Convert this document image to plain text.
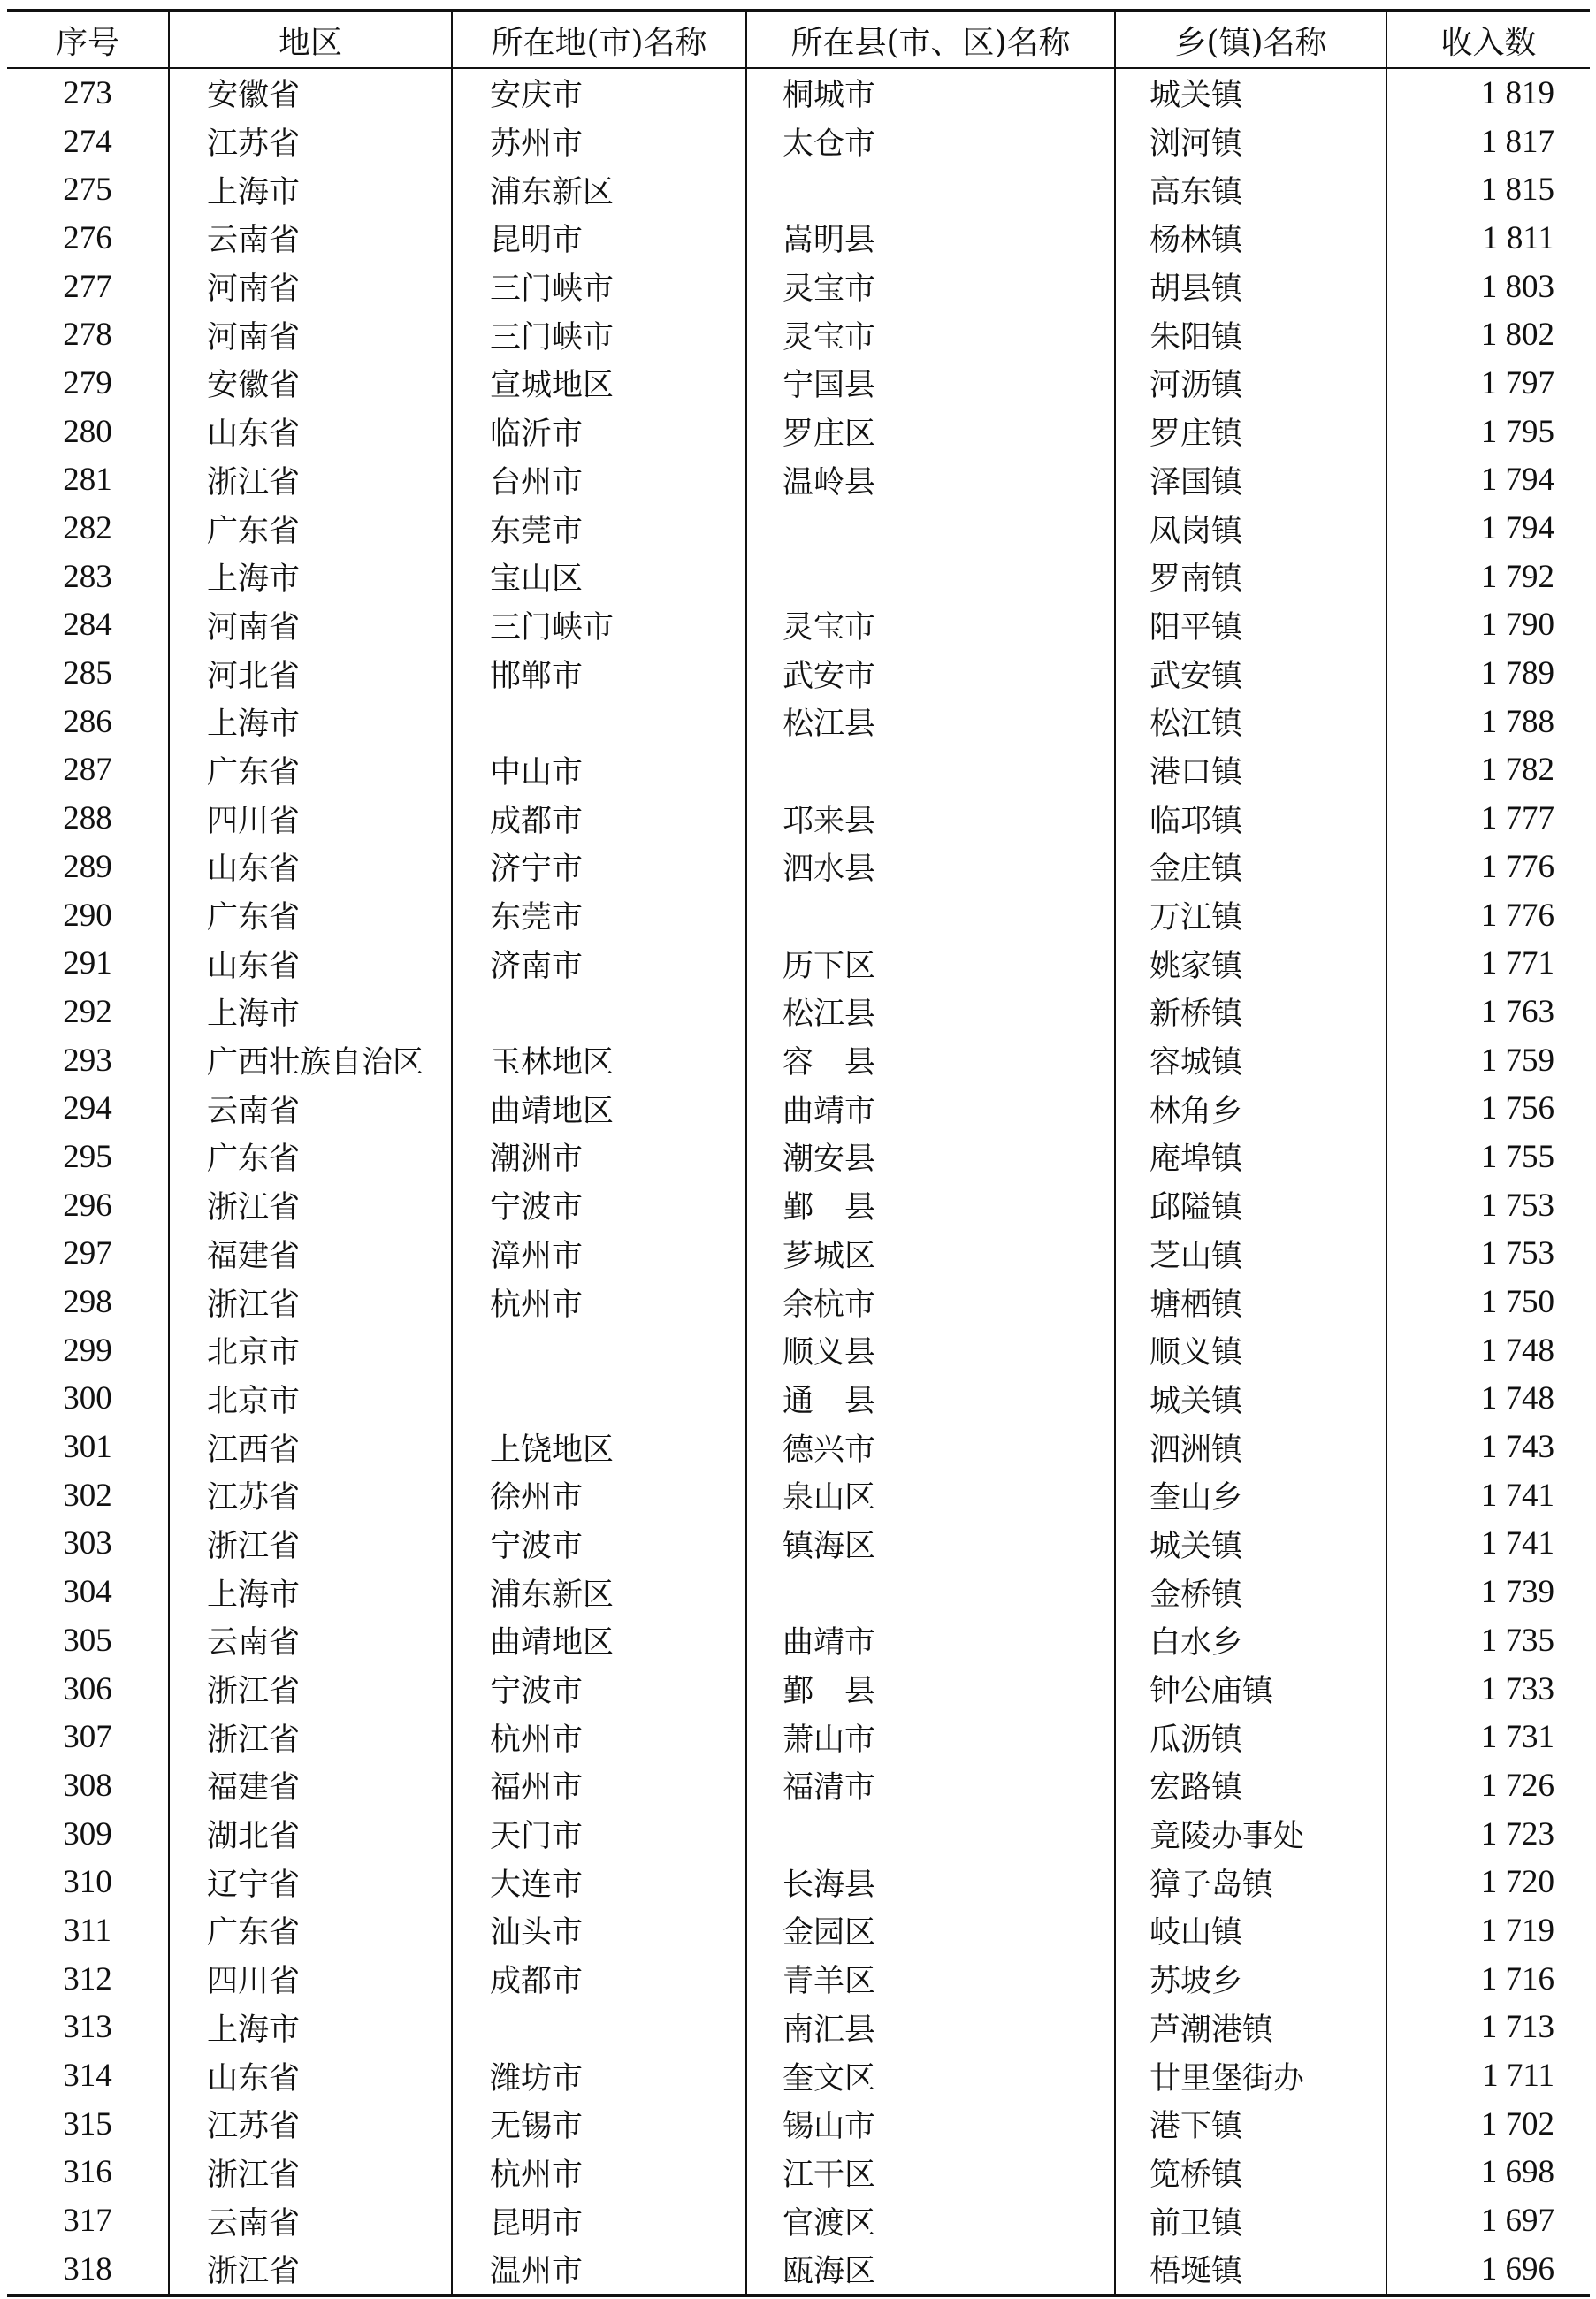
序号	地区	所在地(市)名称	所在县(市、区)名称	乡(镇)名称	收入数
273	安徽省	安庆市	桐城市	城关镇	1 819
274	江苏省	苏州市	太仓市	浏河镇	1 817
275	上海市	浦东新区		高东镇	1 815
276	云南省	昆明市	嵩明县	杨林镇	1 811
277	河南省	三门峡市	灵宝市	胡县镇	1 803
278	河南省	三门峡市	灵宝市	朱阳镇	1 802
279	安徽省	宣城地区	宁国县	河沥镇	1 797
280	山东省	临沂市	罗庄区	罗庄镇	1 795
281	浙江省	台州市	温岭县	泽国镇	1 794
282	广东省	东莞市		凤岗镇	1 794
283	上海市	宝山区		罗南镇	1 792
284	河南省	三门峡市	灵宝市	阳平镇	1 790
285	河北省	邯郸市	武安市	武安镇	1 789
286	上海市		松江县	松江镇	1 788
287	广东省	中山市		港口镇	1 782
288	四川省	成都市	邛来县	临邛镇	1 777
289	山东省	济宁市	泗水县	金庄镇	1 776
290	广东省	东莞市		万江镇	1 776
291	山东省	济南市	历下区	姚家镇	1 771
292	上海市		松江县	新桥镇	1 763
293	广西壮族自治区	玉林地区	容　县	容城镇	1 759
294	云南省	曲靖地区	曲靖市	林角乡	1 756
295	广东省	潮洲市	潮安县	庵埠镇	1 755
296	浙江省	宁波市	鄞　县	邱隘镇	1 753
297	福建省	漳州市	芗城区	芝山镇	1 753
298	浙江省	杭州市	余杭市	塘栖镇	1 750
299	北京市		顺义县	顺义镇	1 748
300	北京市		通　县	城关镇	1 748
301	江西省	上饶地区	德兴市	泗洲镇	1 743
302	江苏省	徐州市	泉山区	奎山乡	1 741
303	浙江省	宁波市	镇海区	城关镇	1 741
304	上海市	浦东新区		金桥镇	1 739
305	云南省	曲靖地区	曲靖市	白水乡	1 735
306	浙江省	宁波市	鄞　县	钟公庙镇	1 733
307	浙江省	杭州市	萧山市	瓜沥镇	1 731
308	福建省	福州市	福清市	宏路镇	1 726
309	湖北省	天门市		竟陵办事处	1 723
310	辽宁省	大连市	长海县	獐子岛镇	1 720
311	广东省	汕头市	金园区	岐山镇	1 719
312	四川省	成都市	青羊区	苏坡乡	1 716
313	上海市		南汇县	芦潮港镇	1 713
314	山东省	潍坊市	奎文区	廿里堡街办	1 711
315	江苏省	无锡市	锡山市	港下镇	1 702
316	浙江省	杭州市	江干区	笕桥镇	1 698
317	云南省	昆明市	官渡区	前卫镇	1 697
318	浙江省	温州市	瓯海区	梧埏镇	1 696
